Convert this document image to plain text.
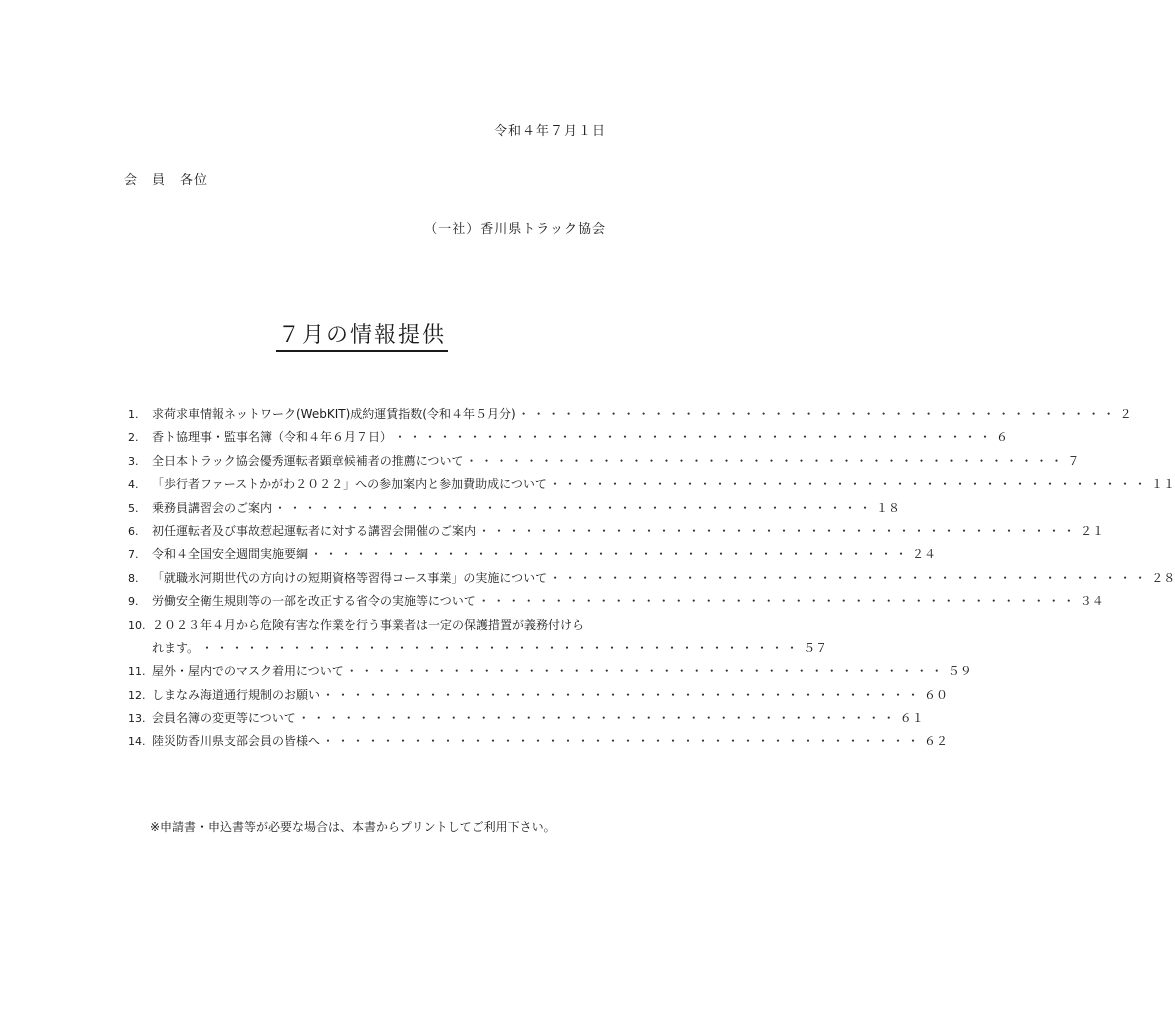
令和４年７月１日
会　員　各位
（一社）香川県トラック協会
７月の情報提供
1.	求荷求車情報ネットワーク(WebKIT)成約運賃指数(令和４年５月分) ・・・・・・・・・・・・・・・・・・・・・・・・・・・・・・・・・・・・・・・・ ２
2.	香ト協理事・監事名簿（令和４年６月７日） ・・・・・・・・・・・・・・・・・・・・・・・・・・・・・・・・・・・・・・・・ ６
3.	全日本トラック協会優秀運転者顕章候補者の推薦について ・・・・・・・・・・・・・・・・・・・・・・・・・・・・・・・・・・・・・・・・ ７
4.	「歩行者ファーストかがわ２０２２」への参加案内と参加費助成について ・・・・・・・・・・・・・・・・・・・・・・・・・・・・・・・・・・・・・・・・ １１
5.	乗務員講習会のご案内 ・・・・・・・・・・・・・・・・・・・・・・・・・・・・・・・・・・・・・・・・ １８
6.	初任運転者及び事故惹起運転者に対する講習会開催のご案内 ・・・・・・・・・・・・・・・・・・・・・・・・・・・・・・・・・・・・・・・・ ２１
7.	令和４全国安全週間実施要綱 ・・・・・・・・・・・・・・・・・・・・・・・・・・・・・・・・・・・・・・・・ ２４
8.	「就職氷河期世代の方向けの短期資格等習得コース事業」の実施について ・・・・・・・・・・・・・・・・・・・・・・・・・・・・・・・・・・・・・・・・ ２８
9.	労働安全衛生規則等の一部を改正する省令の実施等について ・・・・・・・・・・・・・・・・・・・・・・・・・・・・・・・・・・・・・・・・ ３４
10. ２０２３年４月から危険有害な作業を行う事業者は一定の保護措置が義務付けら
れます。 ・・・・・・・・・・・・・・・・・・・・・・・・・・・・・・・・・・・・・・・・ ５７
11. 屋外・屋内でのマスク着用について ・・・・・・・・・・・・・・・・・・・・・・・・・・・・・・・・・・・・・・・・ ５９
12. しまなみ海道通行規制のお願い ・・・・・・・・・・・・・・・・・・・・・・・・・・・・・・・・・・・・・・・・ ６０
13. 会員名簿の変更等について ・・・・・・・・・・・・・・・・・・・・・・・・・・・・・・・・・・・・・・・・ ６１
14. 陸災防香川県支部会員の皆様へ ・・・・・・・・・・・・・・・・・・・・・・・・・・・・・・・・・・・・・・・・ ６２
※申請書・申込書等が必要な場合は、本書からプリントしてご利用下さい。
